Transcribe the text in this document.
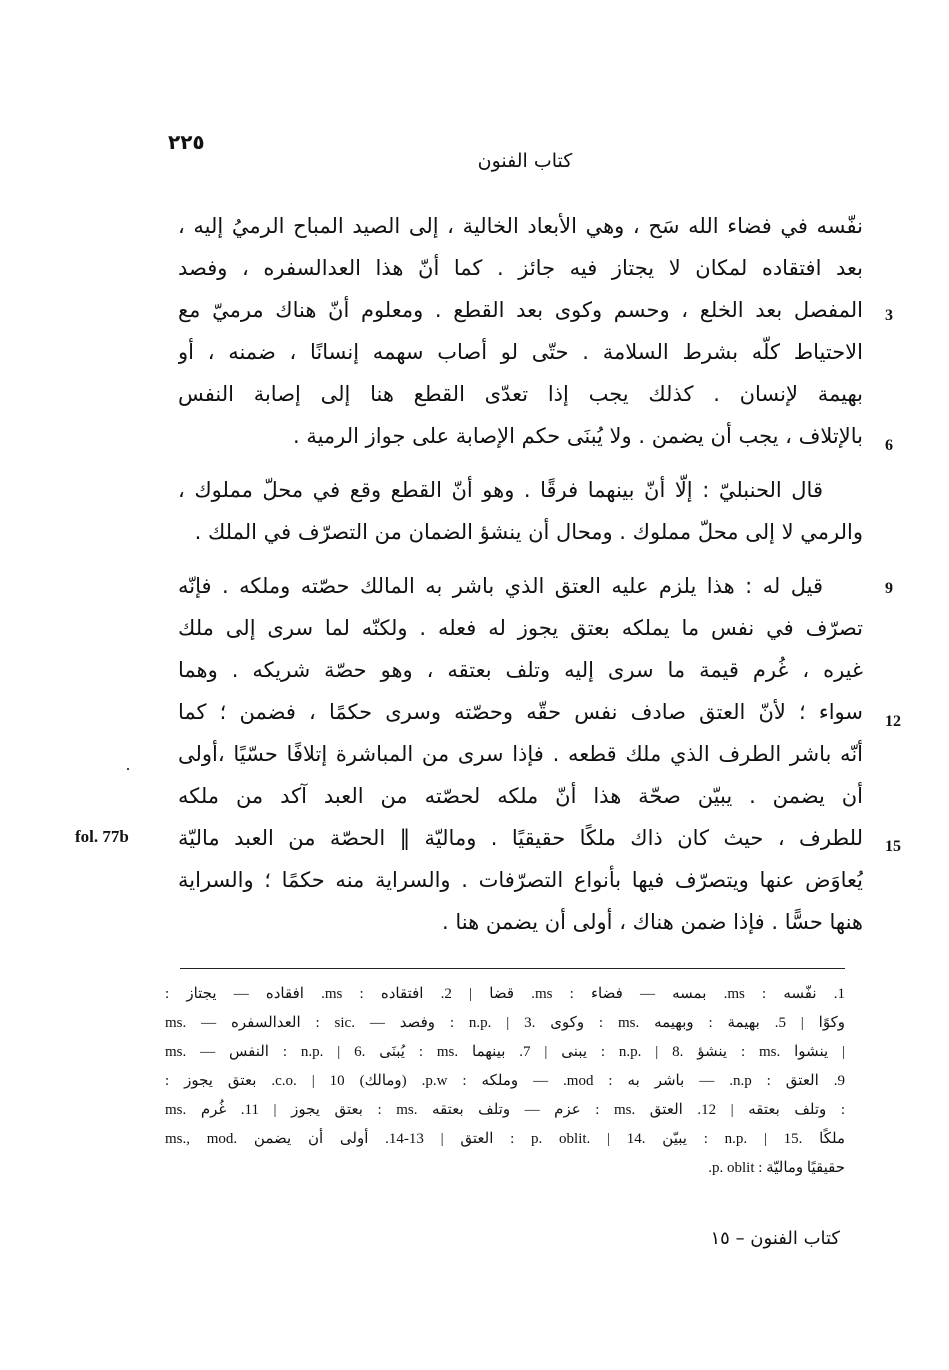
٢٢٥
كتاب الفنون
نفّسه في فضاء الله سَح ، وهي الأبعاد الخالية ، إلى الصيد المباح الرميُ إليه ،
بعد افتقاده لمكان لا يجتاز فيه جائز . كما أنّ هذا العدالسفره ، وفصد
المفصل بعد الخلع ، وحسم وكوى بعد القطع . ومعلوم أنّ هناك مرميّ مع
الاحتياط كلّه بشرط السلامة . حتّى لو أصاب سهمه إنسانًا ، ضمنه ، أو
بهيمة لإنسان . كذلك يجب إذا تعدّى القطع هنا إلى إصابة النفس
بالإتلاف ، يجب أن يضمن . ولا يُبنَى حكم الإصابة على جواز الرمية .
قال الحنبليّ : إلّا أنّ بينهما فرقًا . وهو أنّ القطع وقع في محلّ مملوك ،
والرمي لا إلى محلّ مملوك . ومحال أن ينشؤ الضمان من التصرّف في الملك .
قيل له : هذا يلزم عليه العتق الذي باشر به المالك حصّته وملكه . فإنّه
تصرّف في نفس ما يملكه بعتق يجوز له فعله . ولكنّه لما سرى إلى ملك
غيره ، غُرم قيمة ما سرى إليه وتلف بعتقه ، وهو حصّة شريكه . وهما
سواء ؛ لأنّ العتق صادف نفس حقّه وحصّته وسرى حكمًا ، فضمن ؛ كما
أنّه باشر الطرف الذي ملك قطعه . فإذا سرى من المباشرة إتلافًا حسّيًا ،أولى
أن يضمن . يبيّن صحّة هذا أنّ ملكه لحصّته من العبد آكد من ملكه
للطرف ، حيث كان ذاك ملكًا حقيقيًا . وماليّة ‖ الحصّة من العبد ماليّة
يُعاوَض عنها ويتصرّف فيها بأنواع التصرّفات . والسراية منه حكمًا ؛ والسراية
هنها حسًّا . فإذا ضمن هناك ، أولى أن يضمن هنا .
3
6
9
12
15
fol. 77b
1. نفّسه : ms. بمسه — فضاء : ms. قضا | 2. افتقاده : ms. افقاده — يجتاز :
ms. — العدالسفره : sic. — وفصد : n.p. | 3. وكوى : ms. وكوًا | 5. بهيمة : وبهيمه
ms. — النفس : n.p. | 6. يُبنَى : ms. يبنى | 7. بينهما : n.p. | 8. ينشؤ : ms. ينشوا |
9. العتق : n.p. — باشر به : mod. — وملكه : p.w. (ومالك) c.o. | 10. بعتق يجوز :
ms. بعتق يجوز | 11. غُرم : ms. عزم — وتلف بعتقه : ms. وتلف بعتقه | 12. العتق :
ms., mod. العتق | 13-14. أولى أن يضمن : p. oblit. | 14. يبيّن : n.p. | 15. ملكًا
حقيقيًا وماليّة : p. oblit.
كتاب الفنون – ١٥
